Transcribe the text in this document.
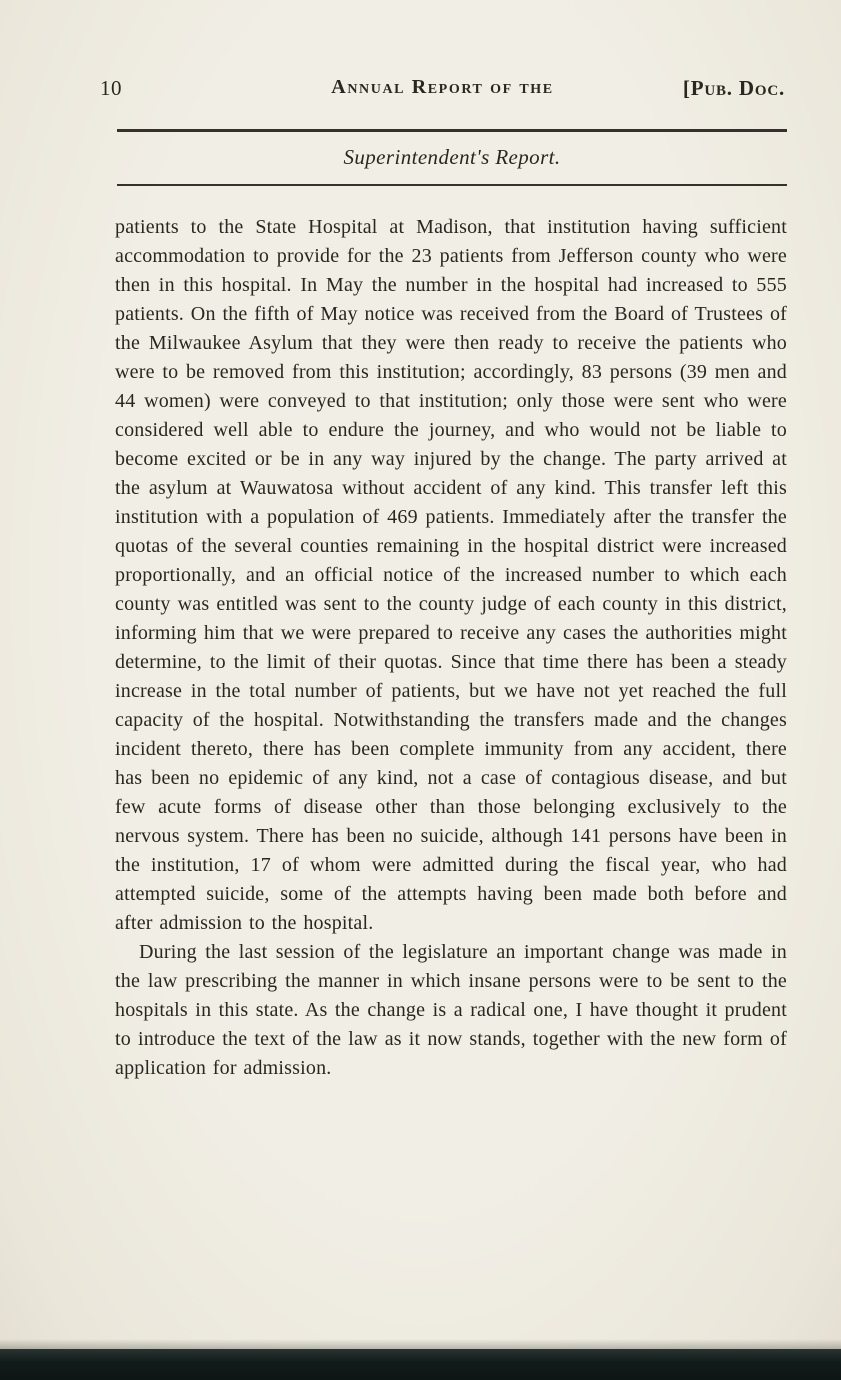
10	Annual Report of the	[Pub. Doc.
Superintendent's Report.

patients to the State Hospital at Madison, that institution having sufficient accommodation to provide for the 23 patients from Jefferson county who were then in this hospital. In May the number in the hospital had increased to 555 patients. On the fifth of May notice was received from the Board of Trustees of the Milwaukee Asylum that they were then ready to receive the patients who were to be removed from this institution; accordingly, 83 persons (39 men and 44 women) were conveyed to that institution; only those were sent who were considered well able to endure the journey, and who would not be liable to become excited or be in any way injured by the change. The party arrived at the asylum at Wauwatosa without accident of any kind. This transfer left this institution with a population of 469 patients. Immediately after the transfer the quotas of the several counties remaining in the hospital district were increased proportionally, and an official notice of the increased number to which each county was entitled was sent to the county judge of each county in this district, informing him that we were prepared to receive any cases the authorities might determine, to the limit of their quotas. Since that time there has been a steady increase in the total number of patients, but we have not yet reached the full capacity of the hospital. Notwithstanding the transfers made and the changes incident thereto, there has been complete immunity from any accident, there has been no epidemic of any kind, not a case of contagious disease, and but few acute forms of disease other than those belonging exclusively to the nervous system. There has been no suicide, although 141 persons have been in the institution, 17 of whom were admitted during the fiscal year, who had attempted suicide, some of the attempts having been made both before and after admission to the hospital.

During the last session of the legislature an important change was made in the law prescribing the manner in which insane persons were to be sent to the hospitals in this state. As the change is a radical one, I have thought it prudent to introduce the text of the law as it now stands, together with the new form of application for admission.
